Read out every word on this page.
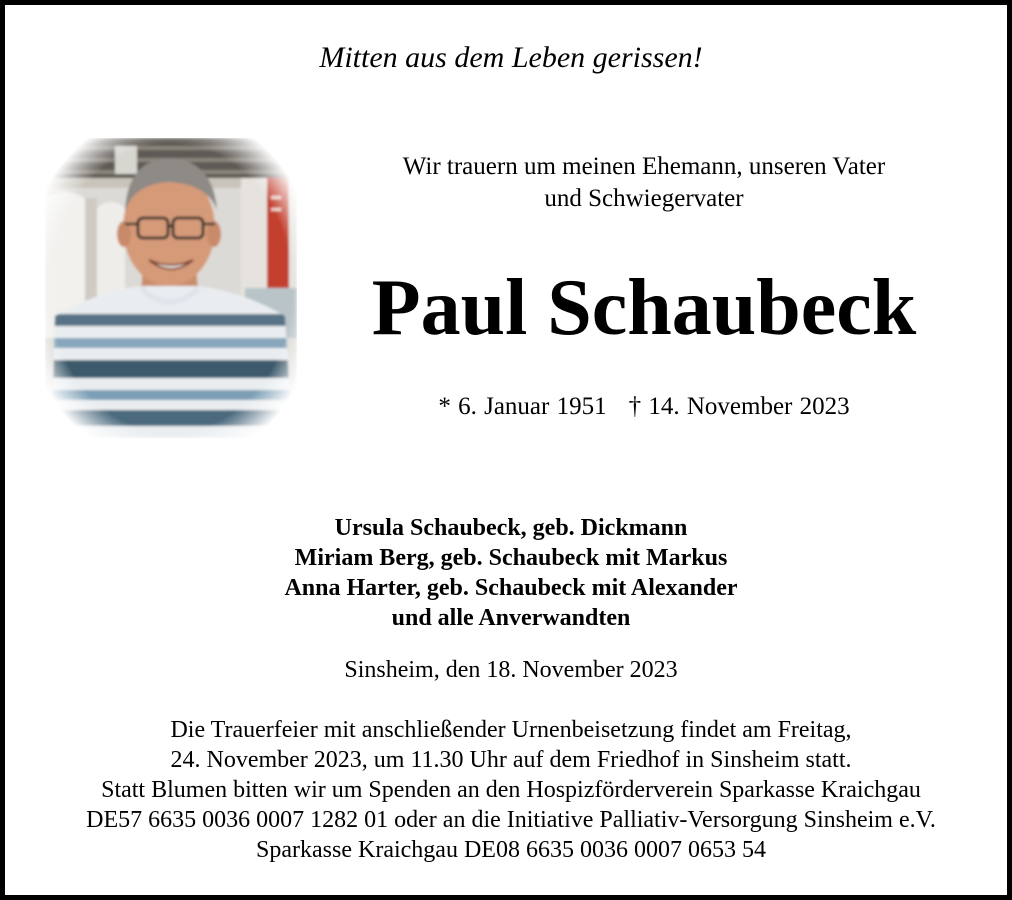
Mitten aus dem Leben gerissen!
Wir trauern um meinen Ehemann, unseren Vater
und Schwiegervater
Paul Schaubeck
* 6. Januar 1951 † 14. November 2023
Ursula Schaubeck, geb. Dickmann
Miriam Berg, geb. Schaubeck mit Markus
Anna Harter, geb. Schaubeck mit Alexander
und alle Anverwandten
Sinsheim, den 18. November 2023
Die Trauerfeier mit anschließender Urnenbeisetzung findet am Freitag,
24. November 2023, um 11.30 Uhr auf dem Friedhof in Sinsheim statt.
Statt Blumen bitten wir um Spenden an den Hospizförderverein Sparkasse Kraichgau
DE57 6635 0036 0007 1282 01 oder an die Initiative Palliativ-Versorgung Sinsheim e.V.
Sparkasse Kraichgau DE08 6635 0036 0007 0653 54
